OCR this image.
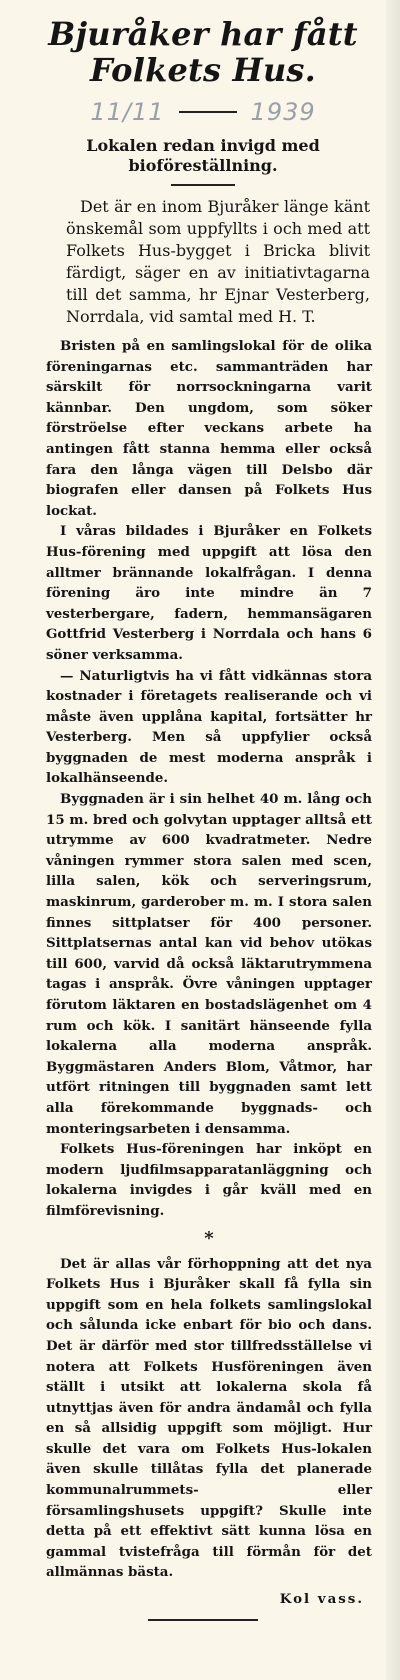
Bjuråker har fått
Folkets Hus.
11/11	1939
Lokalen redan invigd med bioföreställning.

Det är en inom Bjuråker länge känt önskemål som uppfyllts i och med att Folkets Hus-bygget i Bricka blivit färdigt, säger en av initiativtagarna till det samma, hr Ejnar Vesterberg, Norrdala, vid samtal med H. T.

Bristen på en samlingslokal för de olika föreningarnas etc. sammanträden har särskilt för norrsockningarna varit kännbar. Den ungdom, som söker förströelse efter veckans arbete ha antingen fått stanna hemma eller också fara den långa vägen till Delsbo där biografen eller dansen på Folkets Hus lockat.

I våras bildades i Bjuråker en Folkets Hus-förening med uppgift att lösa den alltmer brännande lokalfrågan. I denna förening äro inte mindre än 7 vesterbergare, fadern, hemmansägaren Gottfrid Vesterberg i Norrdala och hans 6 söner verksamma.

— Naturligtvis ha vi fått vidkännas stora kostnader i företagets realiserande och vi måste även upplåna kapital, fortsätter hr Vesterberg. Men så uppfylier också byggnaden de mest moderna anspråk i lokalhänseende.

Byggnaden är i sin helhet 40 m. lång och 15 m. bred och golvytan upptager alltså ett utrymme av 600 kvadratmeter. Nedre våningen rymmer stora salen med scen, lilla salen, kök och serveringsrum, maskinrum, garderober m. m. I stora salen finnes sittplatser för 400 personer. Sittplatsernas antal kan vid behov utökas till 600, varvid då också läktarutrymmena tagas i anspråk. Övre våningen upptager förutom läktaren en bostadslägenhet om 4 rum och kök. I sanitärt hänseende fylla lokalerna alla moderna anspråk. Byggmästaren Anders Blom, Våtmor, har utfört ritningen till byggnaden samt lett alla förekommande byggnads- och monteringsarbeten i densamma.

Folkets Hus-föreningen har inköpt en modern ljudfilmsapparatanläggning och lokalerna invigdes i går kväll med en filmförevisning.

*

Det är allas vår förhoppning att det nya Folkets Hus i Bjuråker skall få fylla sin uppgift som en hela folkets samlingslokal och sålunda icke enbart för bio och dans. Det är därför med stor tillfredsställelse vi notera att Folkets Husföreningen även ställt i utsikt att lokalerna skola få utnyttjas även för andra ändamål och fylla en så allsidig uppgift som möjligt. Hur skulle det vara om Folkets Hus-lokalen även skulle tillåtas fylla det planerade kommunalrummets- eller församlingshusets uppgift? Skulle inte detta på ett effektivt sätt kunna lösa en gammal tvistefråga till förmån för det allmännas bästa.

Kol vass.
